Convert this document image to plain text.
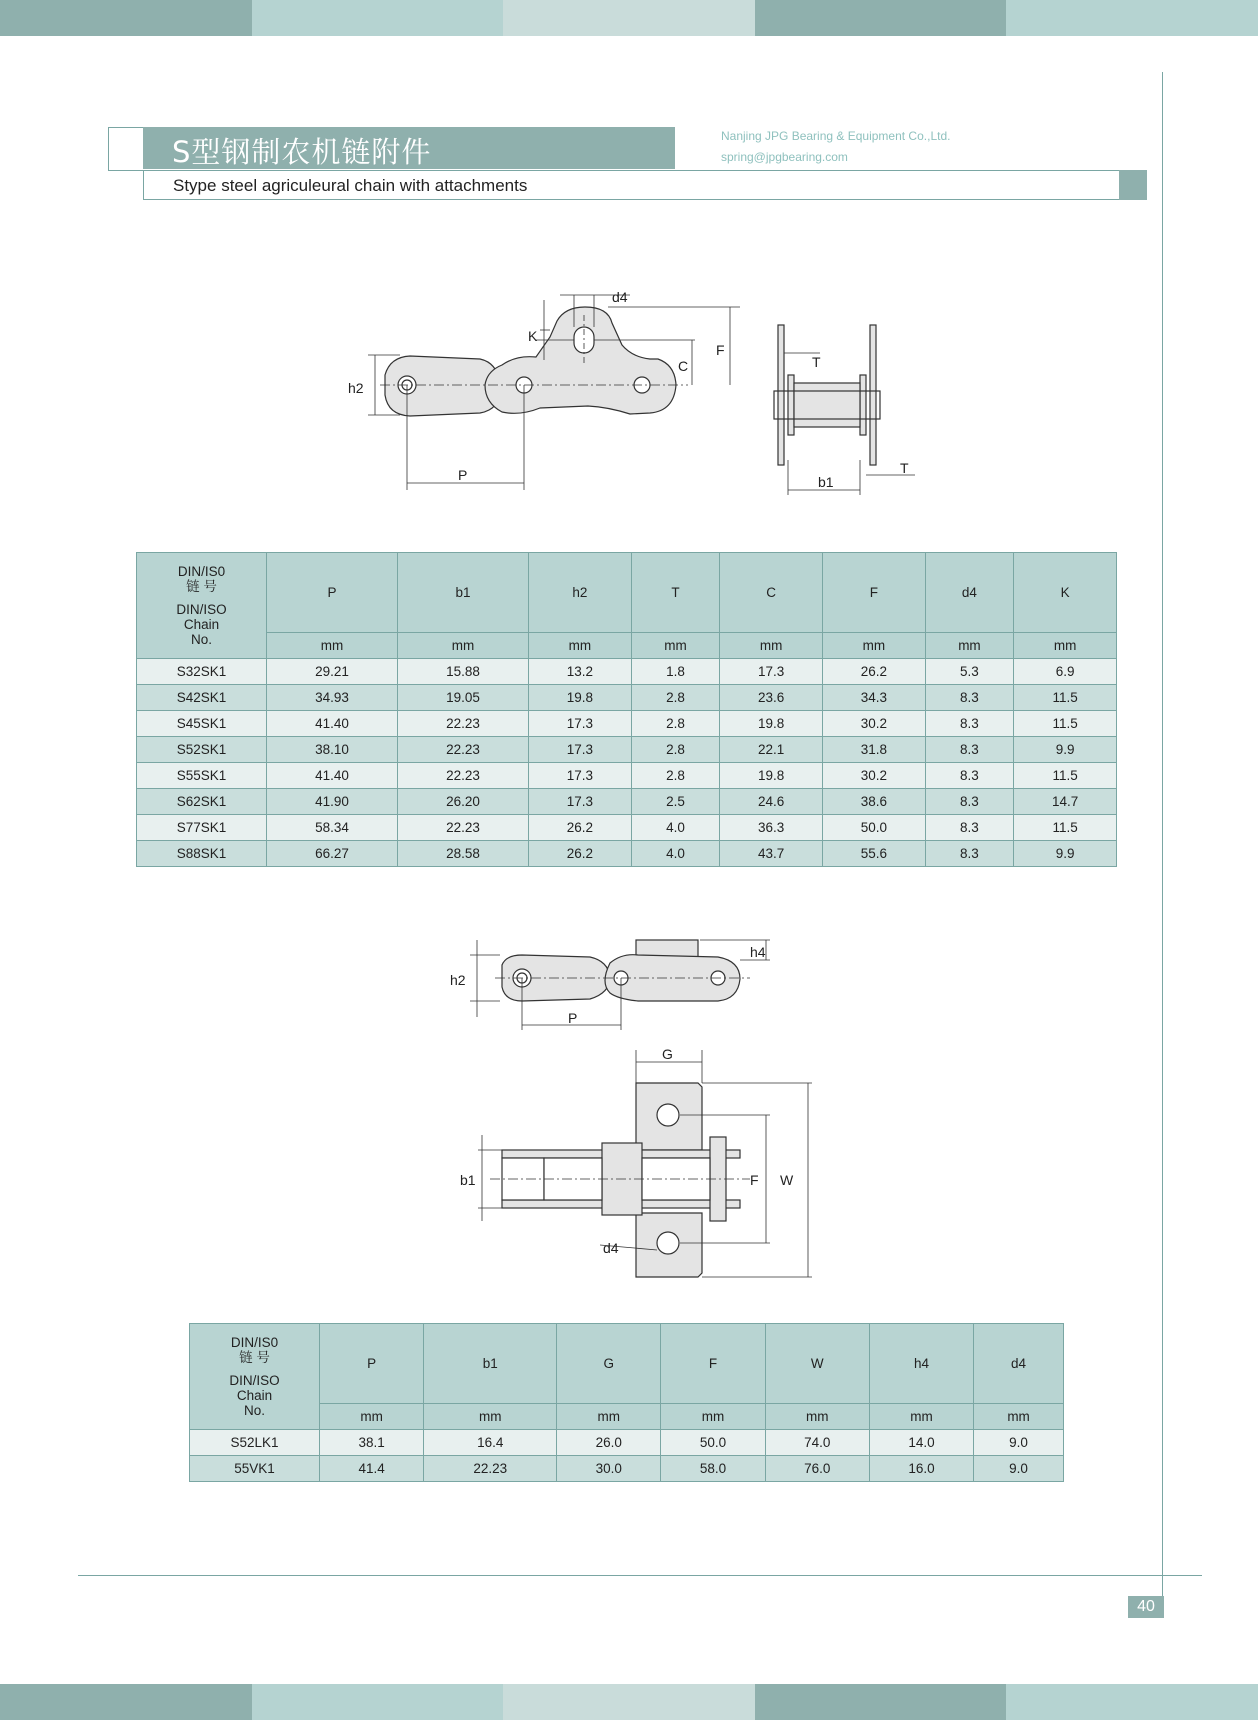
S型钢制农机链附件
Stype steel agriculeural chain with attachments
Nanjing JPG Bearing & Equipment Co.,Ltd.
spring@jpgbearing.com
d4
K
C
F
h2
P
T
b1
T
DIN/IS0
链 号
DIN/ISO
Chain
No.	P	b1	h2	T	C	F	d4	K
	mm	mm	mm	mm	mm	mm	mm	mm
S32SK1	29.21	15.88	13.2	1.8	17.3	26.2	5.3	6.9
S42SK1	34.93	19.05	19.8	2.8	23.6	34.3	8.3	11.5
S45SK1	41.40	22.23	17.3	2.8	19.8	30.2	8.3	11.5
S52SK1	38.10	22.23	17.3	2.8	22.1	31.8	8.3	9.9
S55SK1	41.40	22.23	17.3	2.8	19.8	30.2	8.3	11.5
S62SK1	41.90	26.20	17.3	2.5	24.6	38.6	8.3	14.7
S77SK1	58.34	22.23	26.2	4.0	36.3	50.0	8.3	11.5
S88SK1	66.27	28.58	26.2	4.0	43.7	55.6	8.3	9.9
h2
P
h4
G
F W
b1
d4
DIN/IS0
链 号
DIN/ISO
Chain
No.	P	b1	G	F	W	h4	d4
	mm	mm	mm	mm	mm	mm	mm
S52LK1	38.1	16.4	26.0	50.0	74.0	14.0	9.0
55VK1	41.4	22.23	30.0	58.0	76.0	16.0	9.0
40
